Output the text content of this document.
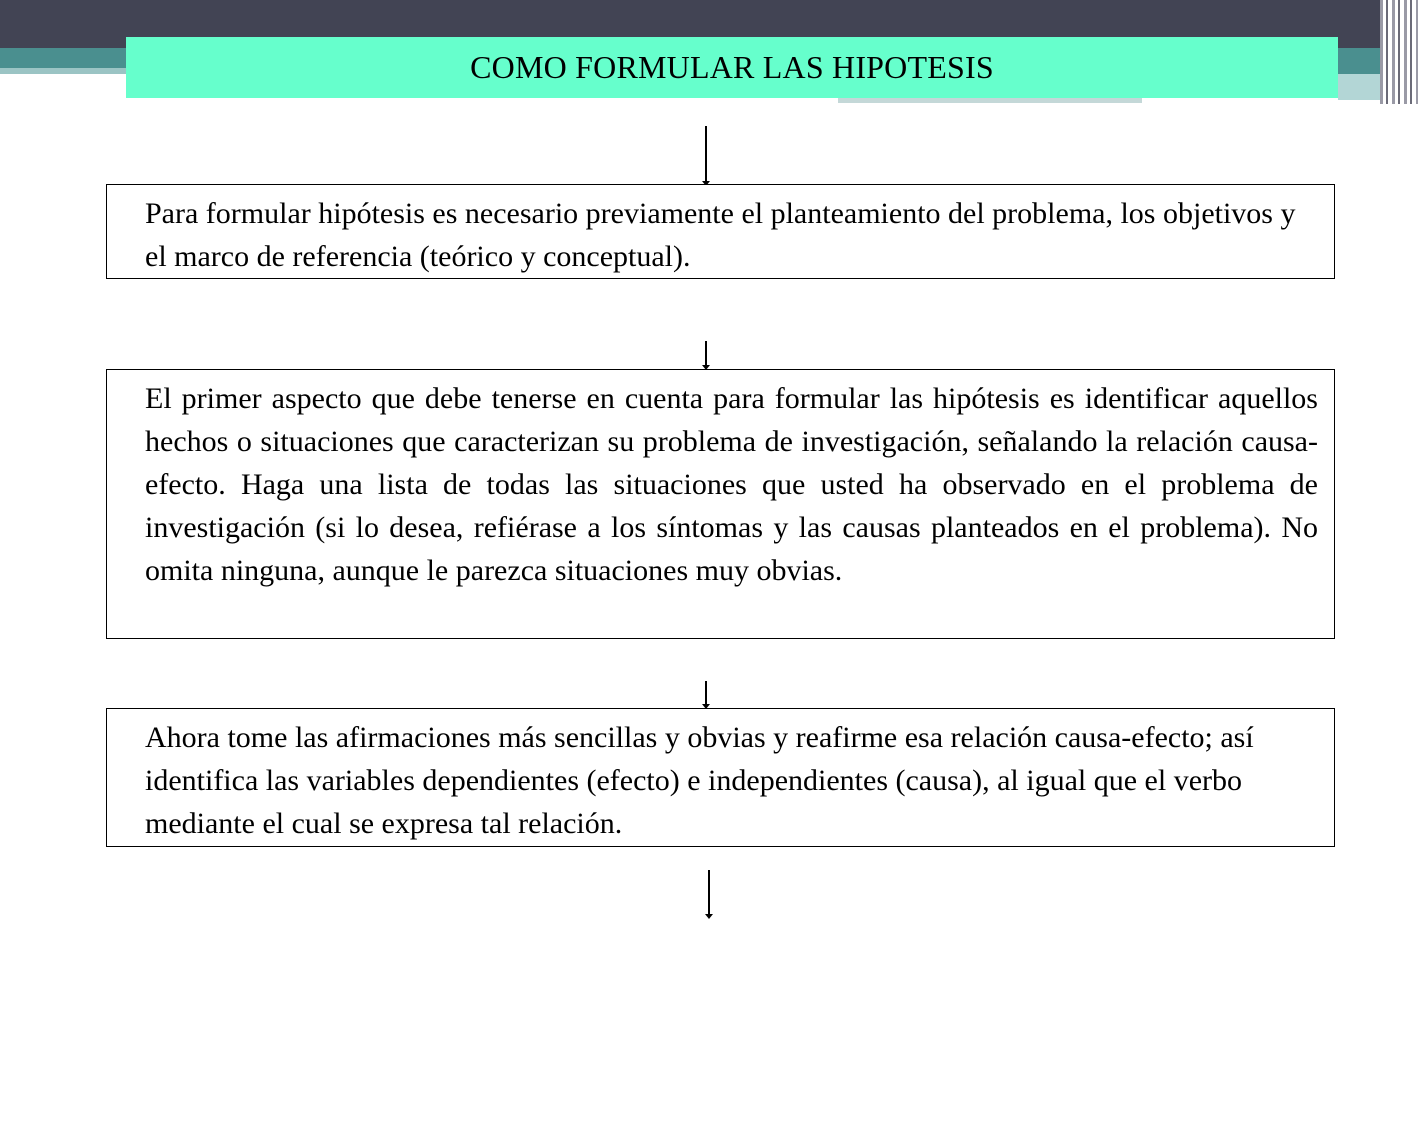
COMO FORMULAR LAS HIPOTESIS
Para formular hipótesis es necesario previamente el planteamiento del problema, los objetivos y el marco de referencia (teórico y conceptual).
El primer aspecto que debe tenerse en cuenta para formular las hipótesis es identificar aquellos hechos o situaciones que caracterizan su problema de investigación, señalando la relación causa-efecto. Haga una lista de todas las situaciones que usted ha observado en el problema de investigación (si lo desea, refiérase a los síntomas y las causas planteados en el problema). No omita ninguna, aunque le parezca situaciones muy obvias.
Ahora tome las afirmaciones más sencillas y obvias y reafirme esa relación causa-efecto; así identifica las variables dependientes (efecto) e independientes (causa), al igual que el verbo mediante el cual se expresa tal relación.
